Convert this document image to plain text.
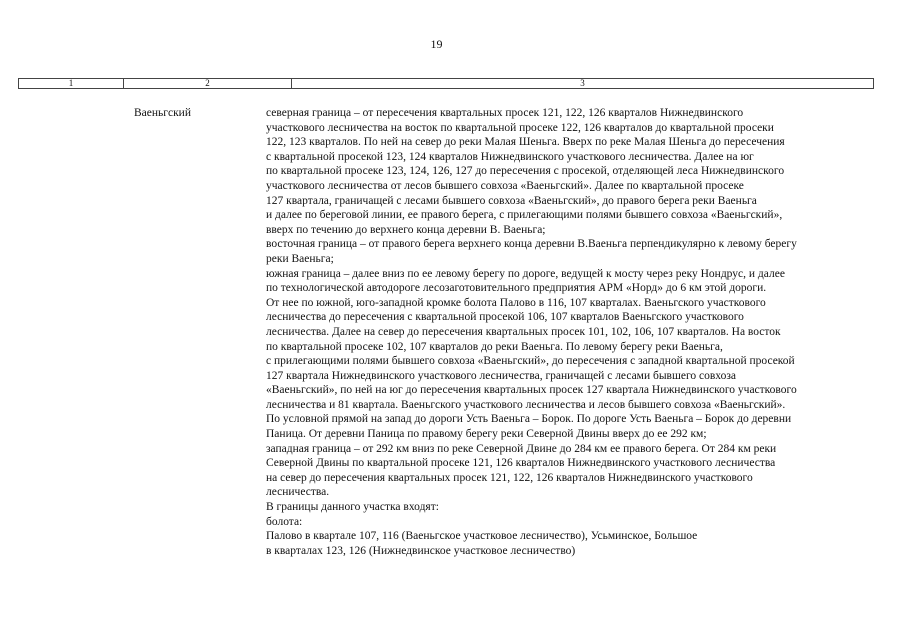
19
1	2	3
Ваеньгский	северная граница – от пересечения квартальных просек 121, 122, 126 кварталов Нижнедвинского
участкового лесничества на восток по квартальной просеке 122, 126 кварталов до квартальной просеки
122, 123 кварталов. По ней на север до реки Малая Шеньга. Вверх по реке Малая Шеньга до пересечения
с квартальной просекой 123, 124 кварталов Нижнедвинского участкового лесничества. Далее на юг
по квартальной просеке 123, 124, 126, 127 до пересечения с просекой, отделяющей леса Нижнедвинского
участкового лесничества от лесов бывшего совхоза «Ваеньгский». Далее по квартальной просеке
127 квартала, граничащей с лесами бывшего совхоза «Ваеньгский», до правого берега реки Ваеньга
и далее по береговой линии, ее правого берега, с прилегающими полями бывшего совхоза «Ваеньгский»,
вверх по течению до верхнего конца деревни В. Ваеньга;
восточная граница – от правого берега верхнего конца деревни В.Ваеньга перпендикулярно к левому берегу
реки Ваеньга;
южная граница – далее вниз по ее левому берегу по дороге, ведущей к мосту через реку Нондрус, и далее
по технологической автодороге лесозаготовительного предприятия АРМ «Норд» до 6 км этой дороги.
От нее по южной, юго-западной кромке болота Палово в 116, 107 кварталах. Ваеньгского участкового
лесничества до пересечения с квартальной просекой 106, 107 кварталов Ваеньгского участкового
лесничества. Далее на север до пересечения квартальных просек 101, 102, 106, 107 кварталов. На восток
по квартальной просеке 102, 107 кварталов до реки Ваеньга. По левому берегу реки Ваеньга,
с прилегающими полями бывшего совхоза «Ваеньгский», до пересечения с западной квартальной просекой
127 квартала Нижнедвинского участкового лесничества, граничащей с лесами бывшего совхоза
«Ваеньгский», по ней на юг до пересечения квартальных просек 127 квартала Нижнедвинского участкового
лесничества и 81 квартала. Ваеньгского участкового лесничества и лесов бывшего совхоза «Ваеньгский».
По условной прямой на запад до дороги Усть Ваеньга – Борок. По дороге Усть Ваеньга – Борок до деревни
Паница. От деревни Паница по правому берегу реки Северной Двины вверх до ее 292 км;
западная граница – от 292 км вниз по реке Северной Двине до 284 км ее правого берега. От 284 км реки
Северной Двины по квартальной просеке 121, 126 кварталов Нижнедвинского участкового лесничества
на север до пересечения квартальных просек 121, 122, 126 кварталов Нижнедвинского участкового
лесничества.
В границы данного участка входят:
болота:
Палово в квартале 107, 116 (Ваеньгское участковое лесничество), Усьминское, Большое
в кварталах 123, 126 (Нижнедвинское участковое лесничество)
